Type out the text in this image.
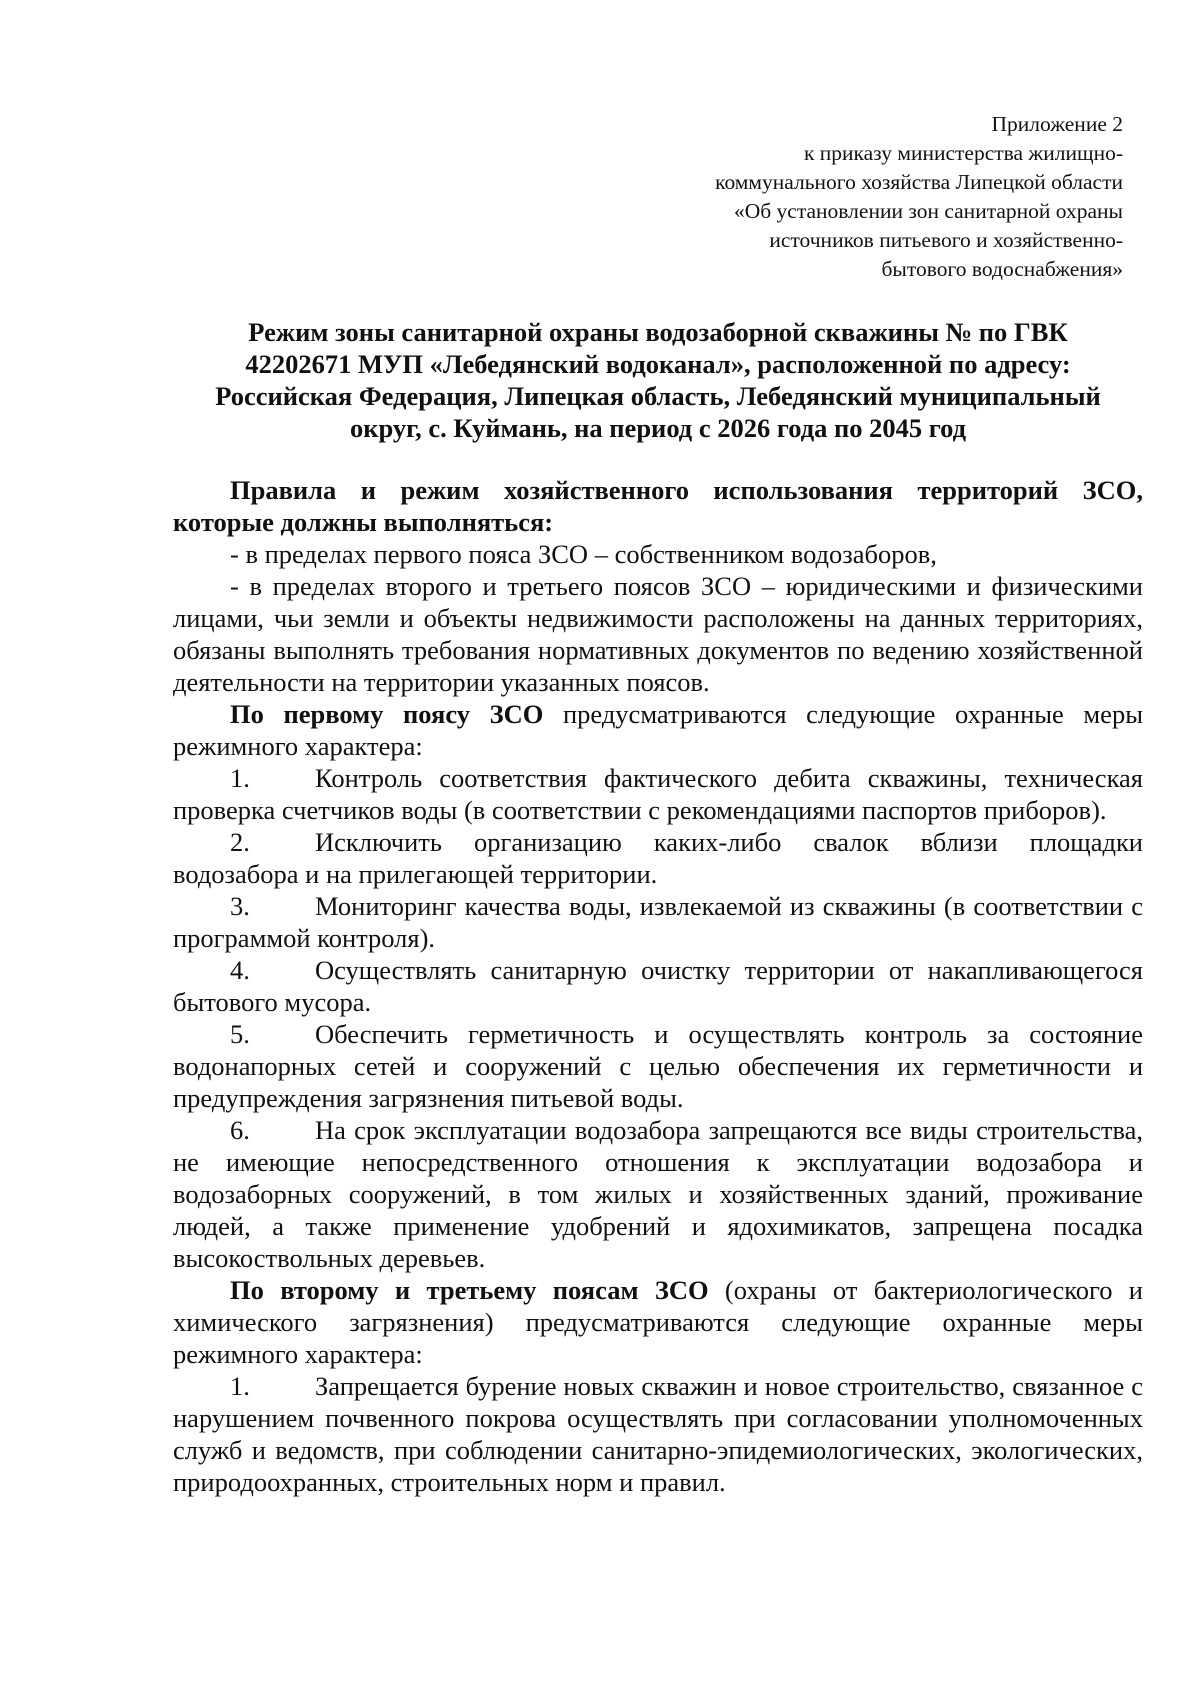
Приложение 2
к приказу министерства жилищно-
коммунального хозяйства Липецкой области
«Об установлении зон санитарной охраны
источников питьевого и хозяйственно-
бытового водоснабжения»
Режим зоны санитарной охраны водозаборной скважины № по ГВК
42202671 МУП «Лебедянский водоканал», расположенной по адресу:
Российская Федерация, Липецкая область, Лебедянский муниципальный
округ, с. Куймань, на период с 2026 года по 2045 год

Правила и режим хозяйственного использования территорий ЗСО, которые должны выполняться:

- в пределах первого пояса ЗСО – собственником водозаборов,

- в пределах второго и третьего поясов ЗСО – юридическими и физическими лицами, чьи земли и объекты недвижимости расположены на данных территориях, обязаны выполнять требования нормативных документов по ведению хозяйственной деятельности на территории указанных поясов.

По первому поясу ЗСО предусматриваются следующие охранные меры режимного характера:

1. Контроль соответствия фактического дебита скважины, техническая проверка счетчиков воды (в соответствии с рекомендациями паспортов приборов).

2. Исключить организацию каких-либо свалок вблизи площадки водозабора и на прилегающей территории.

3. Мониторинг качества воды, извлекаемой из скважины (в соответствии с программой контроля).

4. Осуществлять санитарную очистку территории от накапливающегося бытового мусора.

5. Обеспечить герметичность и осуществлять контроль за состояние водонапорных сетей и сооружений с целью обеспечения их герметичности и предупреждения загрязнения питьевой воды.

6. На срок эксплуатации водозабора запрещаются все виды строительства, не имеющие непосредственного отношения к эксплуатации водозабора и водозаборных сооружений, в том жилых и хозяйственных зданий, проживание людей, а также применение удобрений и ядохимикатов, запрещена посадка высокоствольных деревьев.

По второму и третьему поясам ЗСО (охраны от бактериологического и химического загрязнения) предусматриваются следующие охранные меры режимного характера:

1. Запрещается бурение новых скважин и новое строительство, связанное с нарушением почвенного покрова осуществлять при согласовании уполномоченных служб и ведомств, при соблюдении санитарно-эпидемиологических, экологических, природоохранных, строительных норм и правил.
